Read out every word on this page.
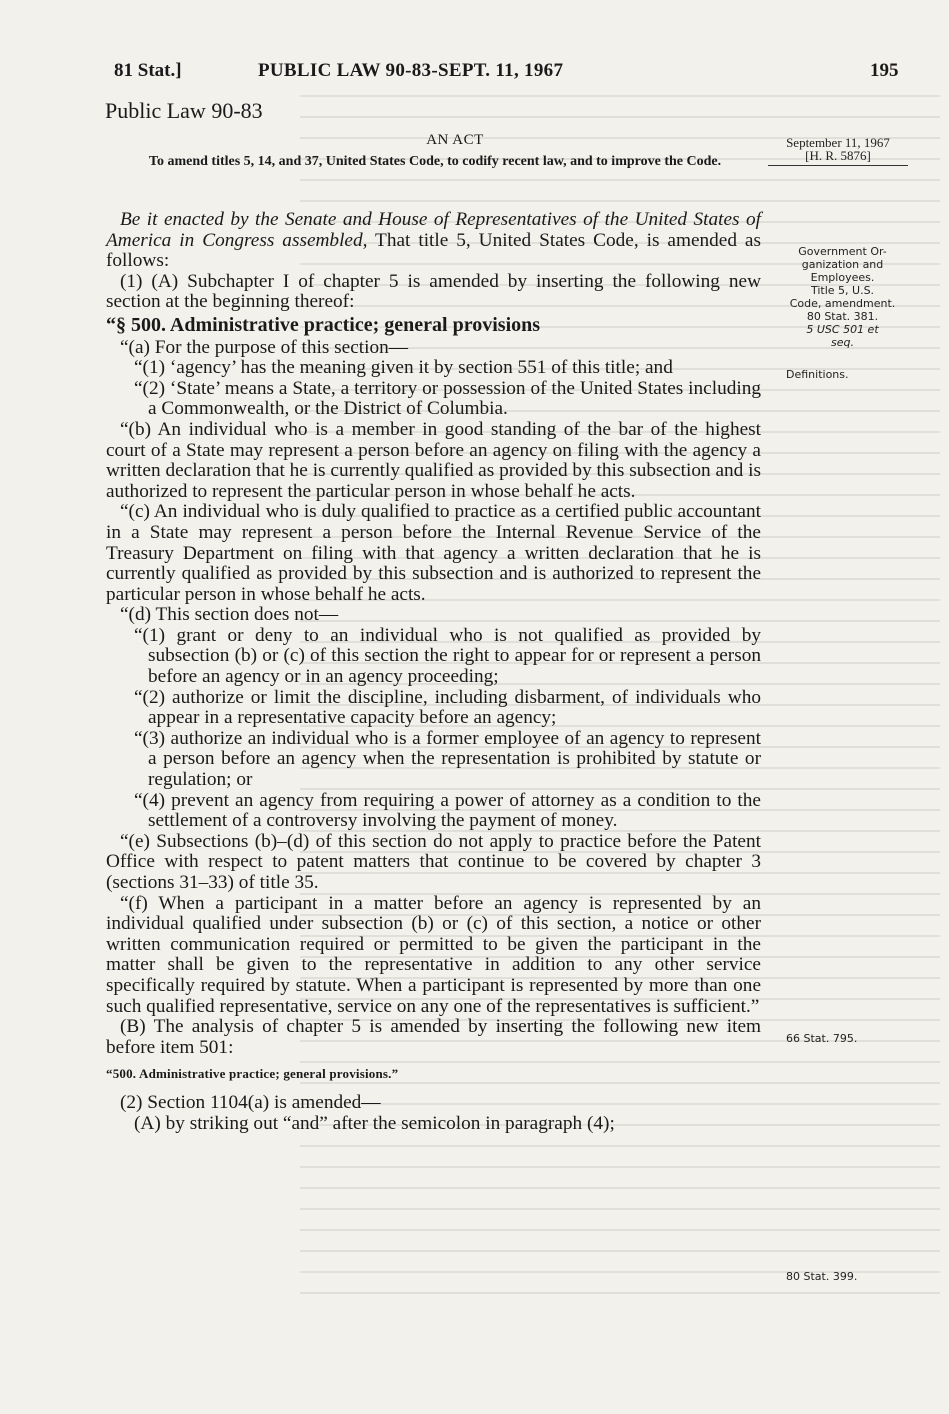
81 Stat.]	PUBLIC LAW 90-83-SEPT. 11, 1967	195
Public Law 90-83
AN ACT
To amend titles 5, 14, and 37, United States Code, to codify recent law, and to improve the Code.
September 11, 1967
[H. R. 5876]
Government Or-
ganization and
Employees.
Title 5, U.S.
Code, amendment.
80 Stat. 381.
5 USC 501 et
seq.
Definitions.
66 Stat. 795.
80 Stat. 399.

Be it enacted by the Senate and House of Representatives of the United States of America in Congress assembled, That title 5, United States Code, is amended as follows:

(1) (A) Subchapter I of chapter 5 is amended by inserting the following new section at the beginning thereof:

“§ 500. Administrative practice; general provisions

“(a) For the purpose of this section—

“(1) ‘agency’ has the meaning given it by section 551 of this title; and

“(2) ‘State’ means a State, a territory or possession of the United States including a Commonwealth, or the District of Columbia.

“(b) An individual who is a member in good standing of the bar of the highest court of a State may represent a person before an agency on filing with the agency a written declaration that he is currently qualified as provided by this subsection and is authorized to represent the particular person in whose behalf he acts.

“(c) An individual who is duly qualified to practice as a certified public accountant in a State may represent a person before the Internal Revenue Service of the Treasury Department on filing with that agency a written declaration that he is currently qualified as provided by this subsection and is authorized to represent the particular person in whose behalf he acts.

“(d) This section does not—

“(1) grant or deny to an individual who is not qualified as provided by subsection (b) or (c) of this section the right to appear for or represent a person before an agency or in an agency proceeding;

“(2) authorize or limit the discipline, including disbarment, of individuals who appear in a representative capacity before an agency;

“(3) authorize an individual who is a former employee of an agency to represent a person before an agency when the representation is prohibited by statute or regulation; or

“(4) prevent an agency from requiring a power of attorney as a condition to the settlement of a controversy involving the payment of money.

“(e) Subsections (b)–(d) of this section do not apply to practice before the Patent Office with respect to patent matters that continue to be covered by chapter 3 (sections 31–33) of title 35.

“(f) When a participant in a matter before an agency is represented by an individual qualified under subsection (b) or (c) of this section, a notice or other written communication required or permitted to be given the participant in the matter shall be given to the representative in addition to any other service specifically required by statute. When a participant is represented by more than one such qualified representative, service on any one of the representatives is sufficient.”

(B) The analysis of chapter 5 is amended by inserting the following new item before item 501:

“500. Administrative practice; general provisions.”

(2) Section 1104(a) is amended—

(A) by striking out “and” after the semicolon in paragraph (4);
